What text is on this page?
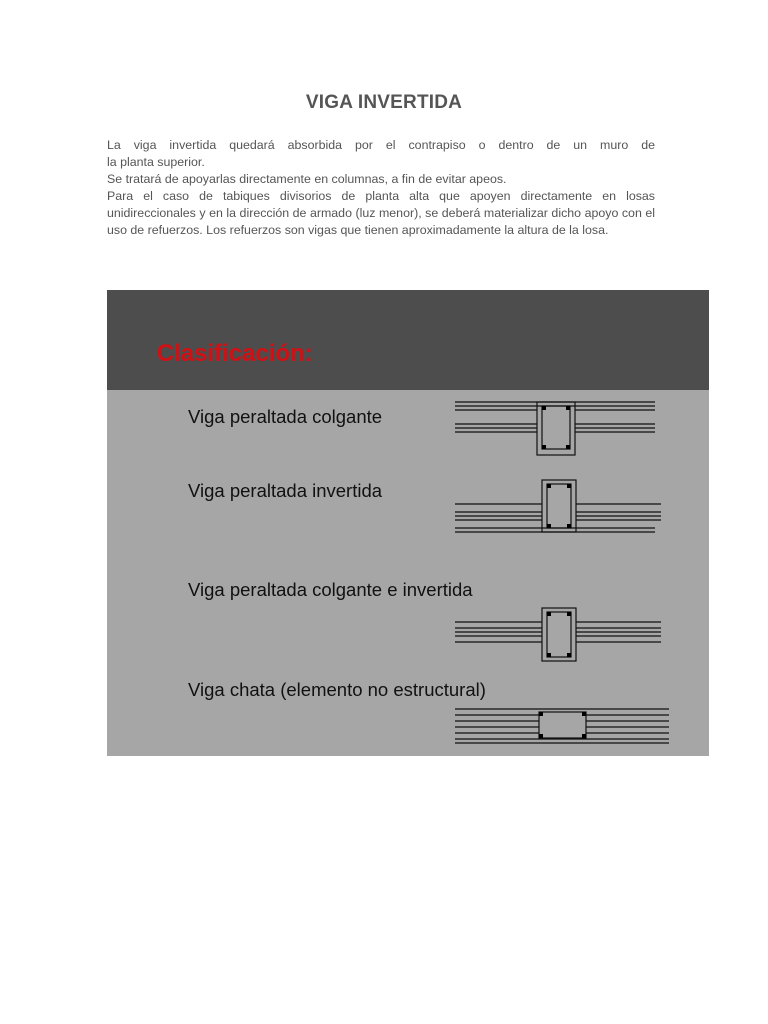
VIGA INVERTIDA

La viga invertida quedará absorbida por el contrapiso o dentro de un muro de

la planta superior.

Se tratará de apoyarlas directamente en columnas, a fin de evitar apeos.

Para el caso de tabiques divisorios de planta alta que apoyen directamente en losas unidireccionales y en la dirección de armado (luz menor), se deberá materializar dicho apoyo con el uso de refuerzos. Los refuerzos son vigas que tienen aproximadamente la altura de la losa.

Clasificación:
Viga peraltada colgante
Viga peraltada invertida
Viga peraltada colgante e invertida
Viga chata (elemento no estructural)
